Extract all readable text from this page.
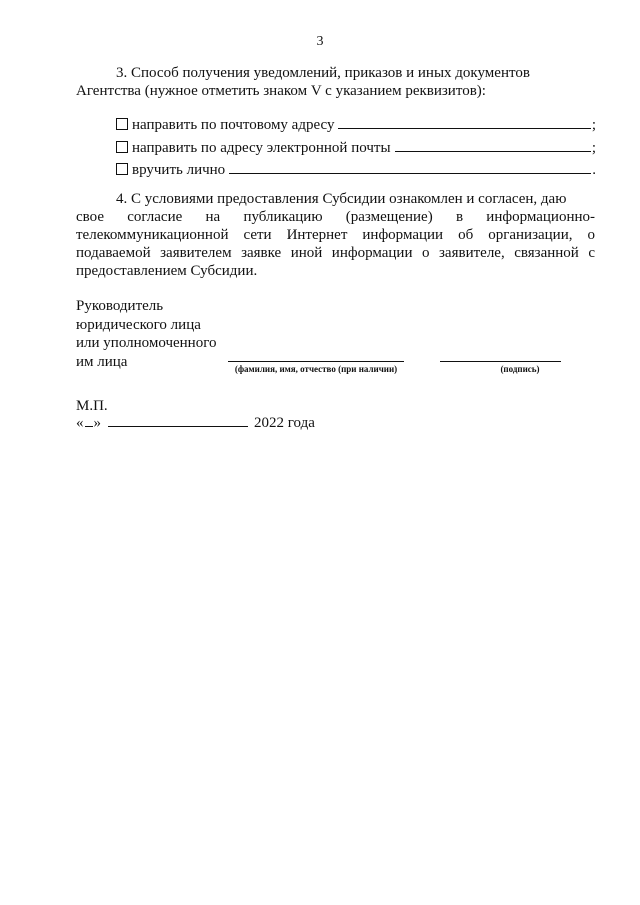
3
3. Способ получения уведомлений, приказов и иных документов
Агентства (нужное отметить знаком V с указанием реквизитов):
направить по почтовому адресу	;
направить по адресу электронной почты	;
вручить лично	.
4. С условиями предоставления Субсидии ознакомлен и согласен, даю
свое согласие на публикацию (размещение) в информационно-телекоммуникационной сети Интернет информации об организации, о подаваемой заявителем заявке иной информации о заявителе, связанной с предоставлением Субсидии.
Руководитель
юридического лица
или уполномоченного
им лица	(фамилия, имя, отчество (при наличии)	(подпись)
М.П.
« »	2022 года
